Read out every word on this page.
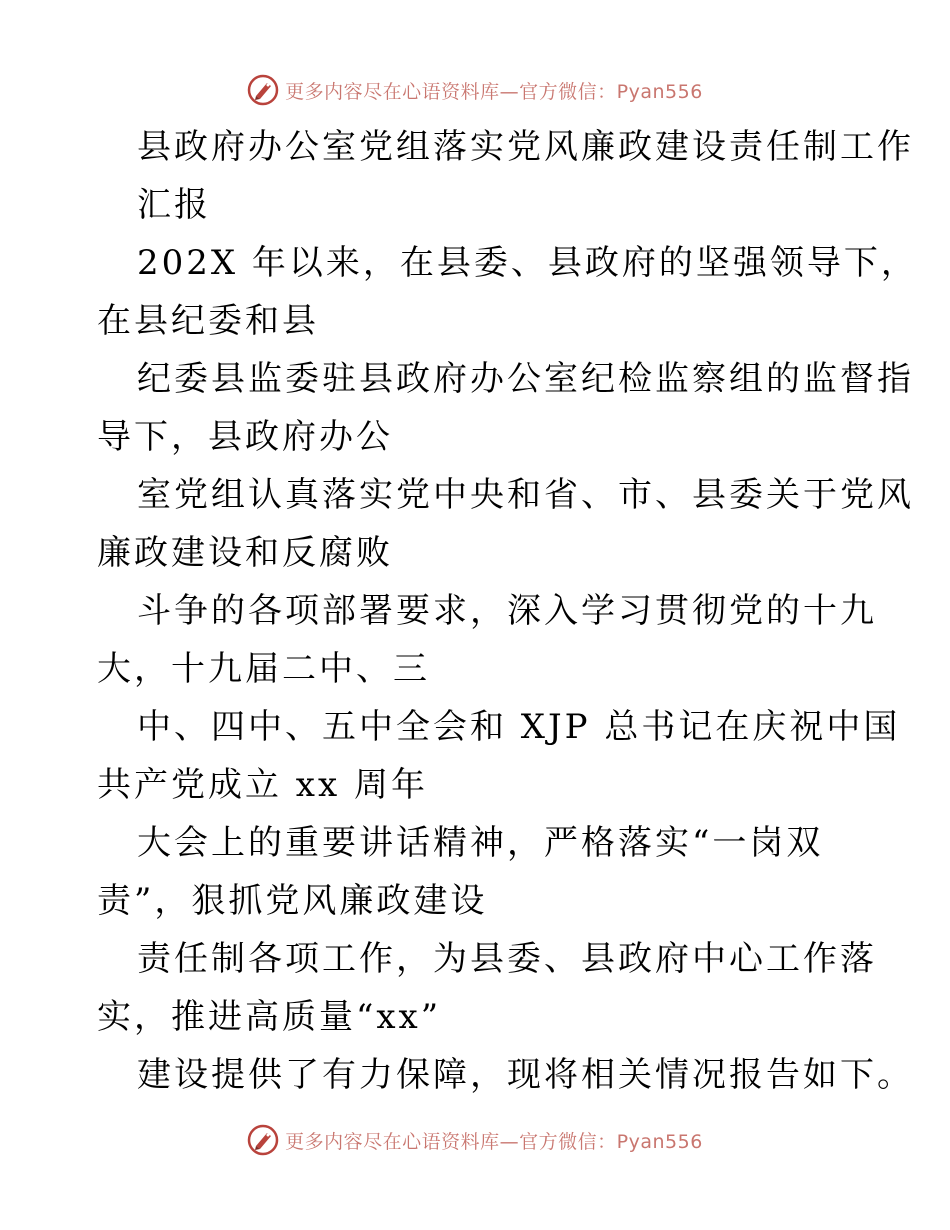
更多内容尽在心语资料库—官方微信：Pyan556
县政府办公室党组落实党风廉政建设责任制工作
汇报
202X 年以来，在县委、县政府的坚强领导下，
在县纪委和县
纪委县监委驻县政府办公室纪检监察组的监督指
导下，县政府办公
室党组认真落实党中央和省、市、县委关于党风
廉政建设和反腐败
斗争的各项部署要求，深入学习贯彻党的十九
大，十九届二中、三
中、四中、五中全会和 XJP 总书记在庆祝中国
共产党成立 xx 周年
大会上的重要讲话精神，严格落实“一岗双
责”，狠抓党风廉政建设
责任制各项工作，为县委、县政府中心工作落
实，推进高质量“xx”
建设提供了有力保障，现将相关情况报告如下。
更多内容尽在心语资料库—官方微信：Pyan556
